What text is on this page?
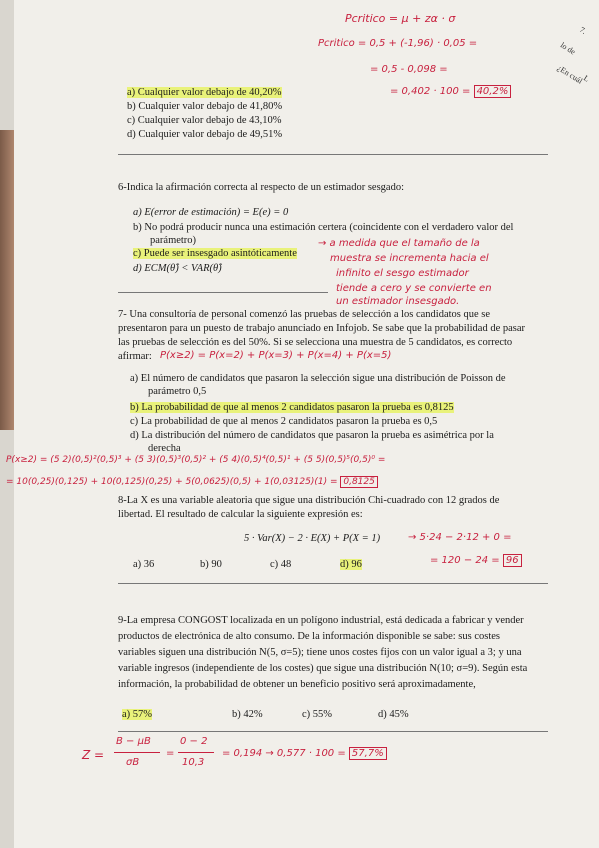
7.
lo de
L
¿En cuál
Pcritico = μ + zα · σ
Pcritico = 0,5 + (-1,96) · 0,05 =
= 0,5 - 0,098 =
= 0,402 · 100 = 40,2%
a) Cualquier valor debajo de 40,20%
b) Cualquier valor debajo de 41,80%
c) Cualquier valor debajo de 43,10%
d) Cualquier valor debajo de 49,51%
6-Indica la afirmación correcta al respecto de un estimador sesgado:
a) E(error de estimación) = E(e) = 0
b) No podrá producir nunca una estimación certera (coincidente con el verdadero valor del
parámetro)
c) Puede ser insesgado asintóticamente
d) ECM(θ̂) < VAR(θ̂)
→ a medida que el tamaño de la
muestra se incrementa hacia el
infinito el sesgo estimador
tiende a cero y se convierte en
un estimador insesgado.
7- Una consultoría de personal comenzó las pruebas de selección a los candidatos que se
presentaron para un puesto de trabajo anunciado en Infojob. Se sabe que la probabilidad de pasar
las pruebas de selección es del 50%. Si se selecciona una muestra de 5 candidatos, es correcto
afirmar: P(x≥2) = P(x=2) + P(x=3) + P(x=4) + P(x=5)
a) El número de candidatos que pasaron la selección sigue una distribución de Poisson de
parámetro 0,5
b) La probabilidad de que al menos 2 candidatos pasaron la prueba es 0,8125
c) La probabilidad de que al menos 2 candidatos pasaron la prueba es 0,5
d) La distribución del número de candidatos que pasaron la prueba es asimétrica por la
derecha
P(x≥2) = (5 2)(0,5)²(0,5)³ + (5 3)(0,5)³(0,5)² + (5 4)(0,5)⁴(0,5)¹ + (5 5)(0,5)⁵(0,5)⁰ =
= 10(0,25)(0,125) + 10(0,125)(0,25) + 5(0,0625)(0,5) + 1(0,03125)(1) = 0,8125
8-La X es una variable aleatoria que sigue una distribución Chi-cuadrado con 12 grados de
libertad. El resultado de calcular la siguiente expresión es:
5 · Var(X) − 2 · E(X) + P(X = 1)	→ 5·24 − 2·12 + 0 =
= 120 − 24 = 96
a) 36	b) 90	c) 48	d) 96
9-La empresa CONGOST localizada en un polígono industrial, está dedicada a fabricar y vender
productos de electrónica de alto consumo. De la información disponible se sabe: sus costes
variables siguen una distribución N(5, σ=5); tiene unos costes fijos con un valor igual a 3; y una
variable ingresos (independiente de los costes) que sigue una distribución N(10; σ=9). Según esta
información, la probabilidad de obtener un beneficio positivo será aproximadamente,
a) 57%	b) 42%	c) 55%	d) 45%
Z =
B − μB
σB
=
0 − 2
10,3
= 0,194 → 0,577 · 100 = 57,7%
